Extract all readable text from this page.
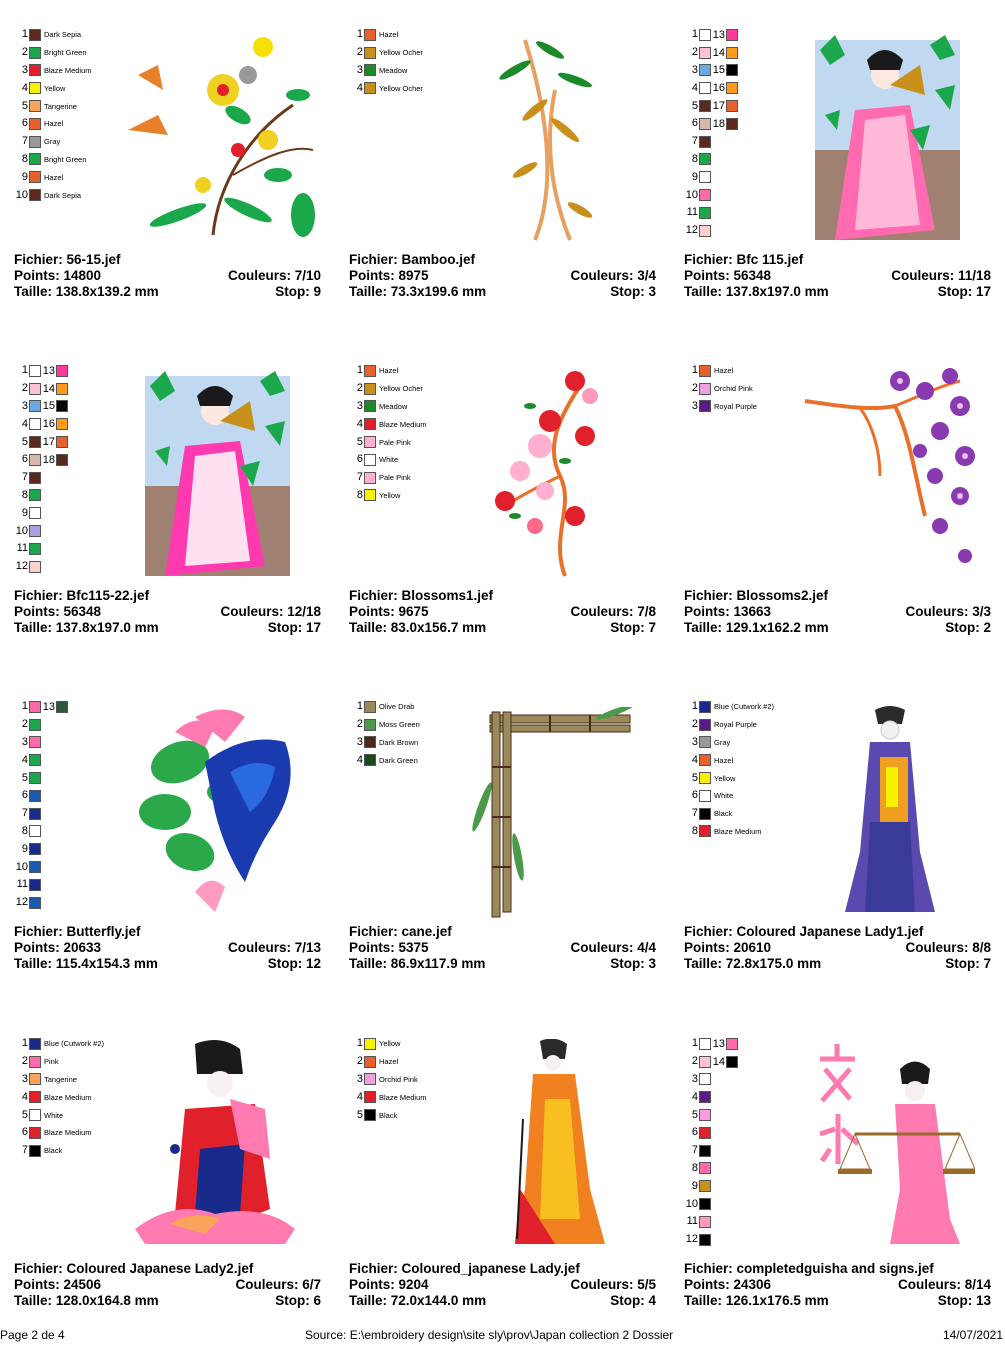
1 Dark Sepia
2 Bright Green
3 Blaze Medium
4 Yellow
5 Tangerine
6 Hazel
7 Gray
8 Bright Green
9 Hazel
10 Dark Sepia
Fichier: 56-15.jef
Points: 14800	Couleurs: 7/10
Taille: 138.8x139.2 mm	Stop: 9
1 Hazel
2 Yellow Ocher
3 Meadow
4 Yellow Ocher
Fichier: Bamboo.jef
Points: 8975	Couleurs: 3/4
Taille: 73.3x199.6 mm	Stop: 3
1 13
2 14
3 15
4 16
5 17
6 18
7
8
9
10
11
12
Fichier: Bfc 115.jef
Points: 56348	Couleurs: 11/18
Taille: 137.8x197.0 mm	Stop: 17
1 13
2 14
3 15
4 16
5 17
6 18
7
8
9
10
11
12
Fichier: Bfc115-22.jef
Points: 56348	Couleurs: 12/18
Taille: 137.8x197.0 mm	Stop: 17
1 Hazel
2 Yellow Ocher
3 Meadow
4 Blaze Medium
5 Pale Pink
6 White
7 Pale Pink
8 Yellow
Fichier: Blossoms1.jef
Points: 9675	Couleurs: 7/8
Taille: 83.0x156.7 mm	Stop: 7
1 Hazel
2 Orchid Pink
3 Royal Purple
Fichier: Blossoms2.jef
Points: 13663	Couleurs: 3/3
Taille: 129.1x162.2 mm	Stop: 2
1 13
2
3
4
5
6
7
8
9
10
11
12
Fichier: Butterfly.jef
Points: 20633	Couleurs: 7/13
Taille: 115.4x154.3 mm	Stop: 12
1 Olive Drab
2 Moss Green
3 Dark Brown
4 Dark Green
Fichier: cane.jef
Points: 5375	Couleurs: 4/4
Taille: 86.9x117.9 mm	Stop: 3
1 Blue (Cutwork #2)
2 Royal Purple
3 Gray
4 Hazel
5 Yellow
6 White
7 Black
8 Blaze Medium
Fichier: Coloured Japanese Lady1.jef
Points: 20610	Couleurs: 8/8
Taille: 72.8x175.0 mm	Stop: 7
1 Blue (Cutwork #2)
2 Pink
3 Tangerine
4 Blaze Medium
5 White
6 Blaze Medium
7 Black
Fichier: Coloured Japanese Lady2.jef
Points: 24506	Couleurs: 6/7
Taille: 128.0x164.8 mm	Stop: 6
1 Yellow
2 Hazel
3 Orchid Pink
4 Blaze Medium
5 Black
Fichier: Coloured_japanese Lady.jef
Points: 9204	Couleurs: 5/5
Taille: 72.0x144.0 mm	Stop: 4
1 13
2 14
3
4
5
6
7
8
9
10
11
12
Fichier: completedguisha and signs.jef
Points: 24306	Couleurs: 8/14
Taille: 126.1x176.5 mm	Stop: 13
Page 2 de 4	Source: E:\embroidery design\site sly\prov\Japan collection 2 Dossier	14/07/2021
